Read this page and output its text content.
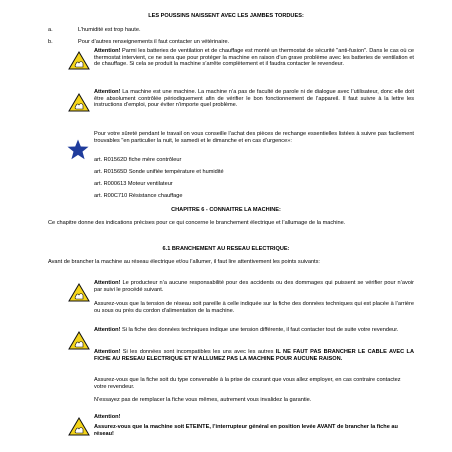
LES POUSSINS NAISSENT AVEC LES JAMBES TORDUES:
a.	L’humidité est trop haute.
b.	Pour d’autres renseignements il faut contacter un vétérinaire.
Attention! Parmi les batteries de ventilation et de chauffage est monté un thermostat de sécurité "anti-fusion". Dans le cas où ce thermostat intervient, ce ne sera que pour protéger la machine en raison d’un grave problème avec les batteries de ventilation et de chauffage. Si cela se produit la machine s’arrête complètement et il faudra contacter le revendeur.
Attention! La machine est une machine. La machine n’a pas de faculté de parole ni de dialogue avec l’utilisateur, donc elle doit être absolument contrôlée périodiquement afin de vérifier le bon fonctionnement de l’appareil. Il faut suivre à la lettre les instructions d’emploi, pour éviter n’importe quel problème.
Pour votre sûreté pendant le travail on vous conseille l’achat des pièces de rechange essentielles listées à suivre pas facilement trouvables "en particulier la nuit, le samedi et le dimanche et en cas d’urgence»:
art. R01562D fiche mère contrôleur
art. R01565D Sonde unifiée température et humidité
art. R000613 Moteur ventilateur
art. R00C710 Résistance chauffage
CHAPITRE 6 - CONNAITRE LA MACHINE:
Ce chapitre donne des indications précises pour ce qui concerne le branchement électrique et l’allumage de la machine.
6.1 BRANCHEMENT AU RESEAU ELECTRIQUE:
Avant de brancher la machine au réseau électrique et/ou l’allumer, il faut lire attentivement les points suivants:
Attention! Le producteur n’a aucune responsabilité pour des accidents ou des dommages qui puissent se vérifier pour n’avoir par suivi le procédé suivant.
Assurez-vous que la tension de réseau soit pareille à celle indiquée sur la fiche des données techniques qui est placée à l’arrière ou sous ou près du cordon d’alimentation de la machine.
Attention! Si la fiche des données techniques indique une tension différente, il faut contacter tout de suite votre revendeur.
Attention! Si les données sont incompatibles les uns avec les autres IL NE FAUT PAS BRANCHER LE CABLE AVEC LA FICHE AU RESEAU ELECTRIQUE ET N’ALLUMEZ PAS LA MACHINE POUR AUCUNE RAISON.
Assurez-vous que la fiche soit du type convenable à la prise de courant que vous allez employer, en cas contraire contactez votre revendeur.
N’essayez pas de remplacer la fiche vous mêmes, autrement vous invalidez la garantie.
Attention!
Assurez-vous que la machine soit ETEINTE, l’interrupteur général en position levée AVANT de brancher la fiche au réseau!
